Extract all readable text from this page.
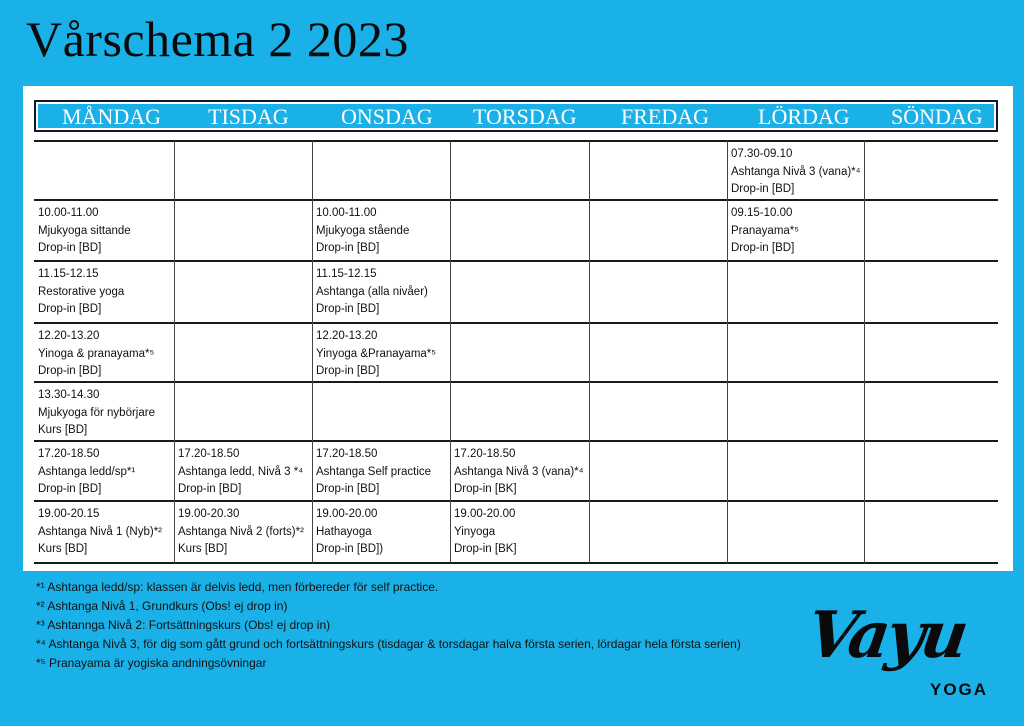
Vårschema 2 2023
MÅNDAG TISDAG ONSDAG TORSDAG FREDAG LÖRDAG SÖNDAG
07.30-09.10
Ashtanga Nivå 3 (vana)*⁴
Drop-in [BD]
10.00-11.00
Mjukyoga sittande
Drop-in [BD]
10.00-11.00
Mjukyoga stående
Drop-in [BD]
09.15-10.00
Pranayama*⁵
Drop-in [BD]
11.15-12.15
Restorative yoga
Drop-in [BD]
11.15-12.15
Ashtanga (alla nivåer)
Drop-in [BD]
12.20-13.20
Yinoga & pranayama*⁵
Drop-in [BD]
12.20-13.20
Yinyoga &Pranayama*⁵
Drop-in [BD]
13.30-14.30
Mjukyoga för nybörjare
Kurs [BD]
17.20-18.50
Ashtanga ledd/sp*¹
Drop-in [BD]
17.20-18.50
Ashtanga ledd, Nivå 3 *⁴
Drop-in [BD]
17.20-18.50
Ashtanga Self practice
Drop-in [BD]
17.20-18.50
Ashtanga Nivå 3 (vana)*⁴
Drop-in [BK]
19.00-20.15
Ashtanga Nivå 1 (Nyb)*²
Kurs [BD]
19.00-20.30
Ashtanga Nivå 2 (forts)*²
Kurs [BD]
19.00-20.00
Hathayoga
Drop-in [BD])
19.00-20.00
Yinyoga
Drop-in [BK]

*¹ Ashtanga ledd/sp: klassen är delvis ledd, men förbereder för self practice.

*² Ashtanga Nivå 1, Grundkurs (Obs! ej drop in)

*³ Ashtannga Nivå 2: Fortsättningskurs (Obs! ej drop in)

*⁴ Ashtanga Nivå 3, för dig som gått grund och fortsättningskurs (tisdagar & torsdagar halva första serien, lördagar hela första serien)

*⁵ Pranayama är yogiska andningsövningar	Vayu
YOGA
